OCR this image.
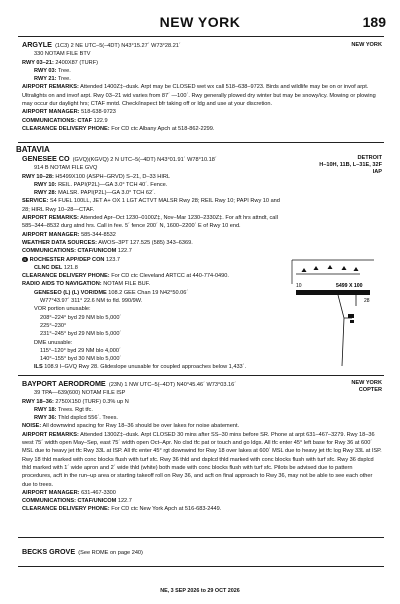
NEW YORK	189
NEW YORK

ARGYLE (1C3) 2 NE UTC–5(–4DT) N43°15.27´ W73°28.21´

330 NOTAM FILE BTV

RWY 03–21: 2400X87 (TURF)

RWY 03: Tree.

RWY 21: Tree.

AIRPORT REMARKS: Attended 1400Z‡–dusk. Arpt may be CLOSED wet wx call 518–638–9723. Birds and wildlife may be on or invof arpt. Ultralights on and invof arpt. Rwy 03–21 wid varies from 87´ —100´. Rwy generally plowed dry winter but may be snowy/icy. Mowing or plowing may occur dur daylight hrs; CTAF mntd. Check/inspect bfr taking off or ldg and use at your discretion.

AIRPORT MANAGER: 518-638-9723

COMMUNICATIONS: CTAF 122.9

CLEARANCE DELIVERY PHONE: For CD ctc Albany Apch at 518-862-2299.

BATAVIA
DETROIT
H–10H, 11B, L–31E, 32F
IAP

GENESEE CO (GVQ)(KGVQ) 2 N UTC–5(–4DT) N43°01.91´ W78°10.18´

914 B NOTAM FILE GVQ

RWY 10–28: H5499X100 (ASPH–GRVD) S–21, D–33 HIRL

RWY 10: REIL. PAPI(P2L)—GA 3.0° TCH 40´. Fence.

RWY 28: MALSR. PAPI(P2L)—GA 3.0° TCH 62´.

SERVICE: S4 FUEL 100LL, JET A+ OX 1 LGT ACTVT MALSR Rwy 28; REIL Rwy 10; PAPI Rwy 10 and 28; HIRL Rwy 10–28—CTAF.

AIRPORT REMARKS: Attended Apr–Oct 1230–0100Z‡, Nov–Mar 1230–2330Z‡. For aft hrs attndt, call 585–344–8532 durg atnd hrs. Call in fee. 5´ fence 200´ N, 1600–2200´ E of Rwy 10 end.

AIRPORT MANAGER: 585-344-8532

WEATHER DATA SOURCES: AWOS–3PT 127.525 (585) 343–6369.

COMMUNICATIONS: CTAF/UNICOM 122.7

R ROCHESTER APP/DEP CON 123.7

CLNC DEL 121.8

CLEARANCE DELIVERY PHONE: For CD ctc Cleveland ARTCC at 440-774-0490.

RADIO AIDS TO NAVIGATION: NOTAM FILE BUF.

GENESEO (L) (L) VOR/DME 108.2 GEE Chan 19 N42°50.06´

W77°43.97´ 311° 22.6 NM to fld. 990/9W.

VOR portion unusable:

208°–224° byd 29 NM blo 5,000´

225°–230°

231°–245° byd 29 NM blo 5,000´

DME unusable:

115°–120° byd 29 NM blo 4,000´

140°–155° byd 30 NM blo 5,000´

ILS 108.9 I–GVQ Rwy 28. Glideslope unusable for coupled approaches below 1,433´.

10
28
5499 X 100
NEW YORK
COPTER

BAYPORT AERODROME (23N) 1 NW UTC–5(–4DT) N40°45.46´ W73°03.16´

39 TPA—639(600) NOTAM FILE ISP

RWY 18–36: 2750X150 (TURF) 0.3% up N

RWY 18: Trees. Rgt tfc.

RWY 36: Thld dsplcd 556´. Trees.

NOISE: All downwind spacing for Rwy 18–36 should be over lakes for noise abatement.

AIRPORT REMARKS: Attended 1300Z‡–dusk. Arpt CLOSED 30 mins after SS–30 mins before SR. Phone at arpt 631–467–3279. Rwy 18–36 west 75´ width open May–Sep, east 75´ width open Oct–Apr. No clsd tfc pat or touch and go ldgs. All tfc enter 45° left base for Rwy 36 at 600´ MSL due to heavy jet tfc Rwy 33L at ISP. All tfc enter 45° rgt downwind for Rwy 18 over lakes at 600´ MSL due to heavy jet tfc log Rwy 33L at ISP. Rwy 18 thld marked with conc blocks flush with turf sfc. Rwy 36 thld and dsplcd thld marked with conc blocks flush with turf sfc. Rwy 36 dsplcd thld marked with 1´ wide apron and 2´ wide thld (white) both made with conc blocks flush with turf sfc. Pilots be advised due to pattern procedures, acft in the run–up area or starting takeoff roll on Rwy 36, and acft on final approach to Rwy 36, may not be able to see each other due to trees.

AIRPORT MANAGER: 631-467-3300

COMMUNICATIONS: CTAF/UNICOM 122.7

CLEARANCE DELIVERY PHONE: For CD ctc New York Apch at 516-683-2449.

BECKS GROVE (See ROME on page 240)

NE, 3 SEP 2026 to 29 OCT 2026
